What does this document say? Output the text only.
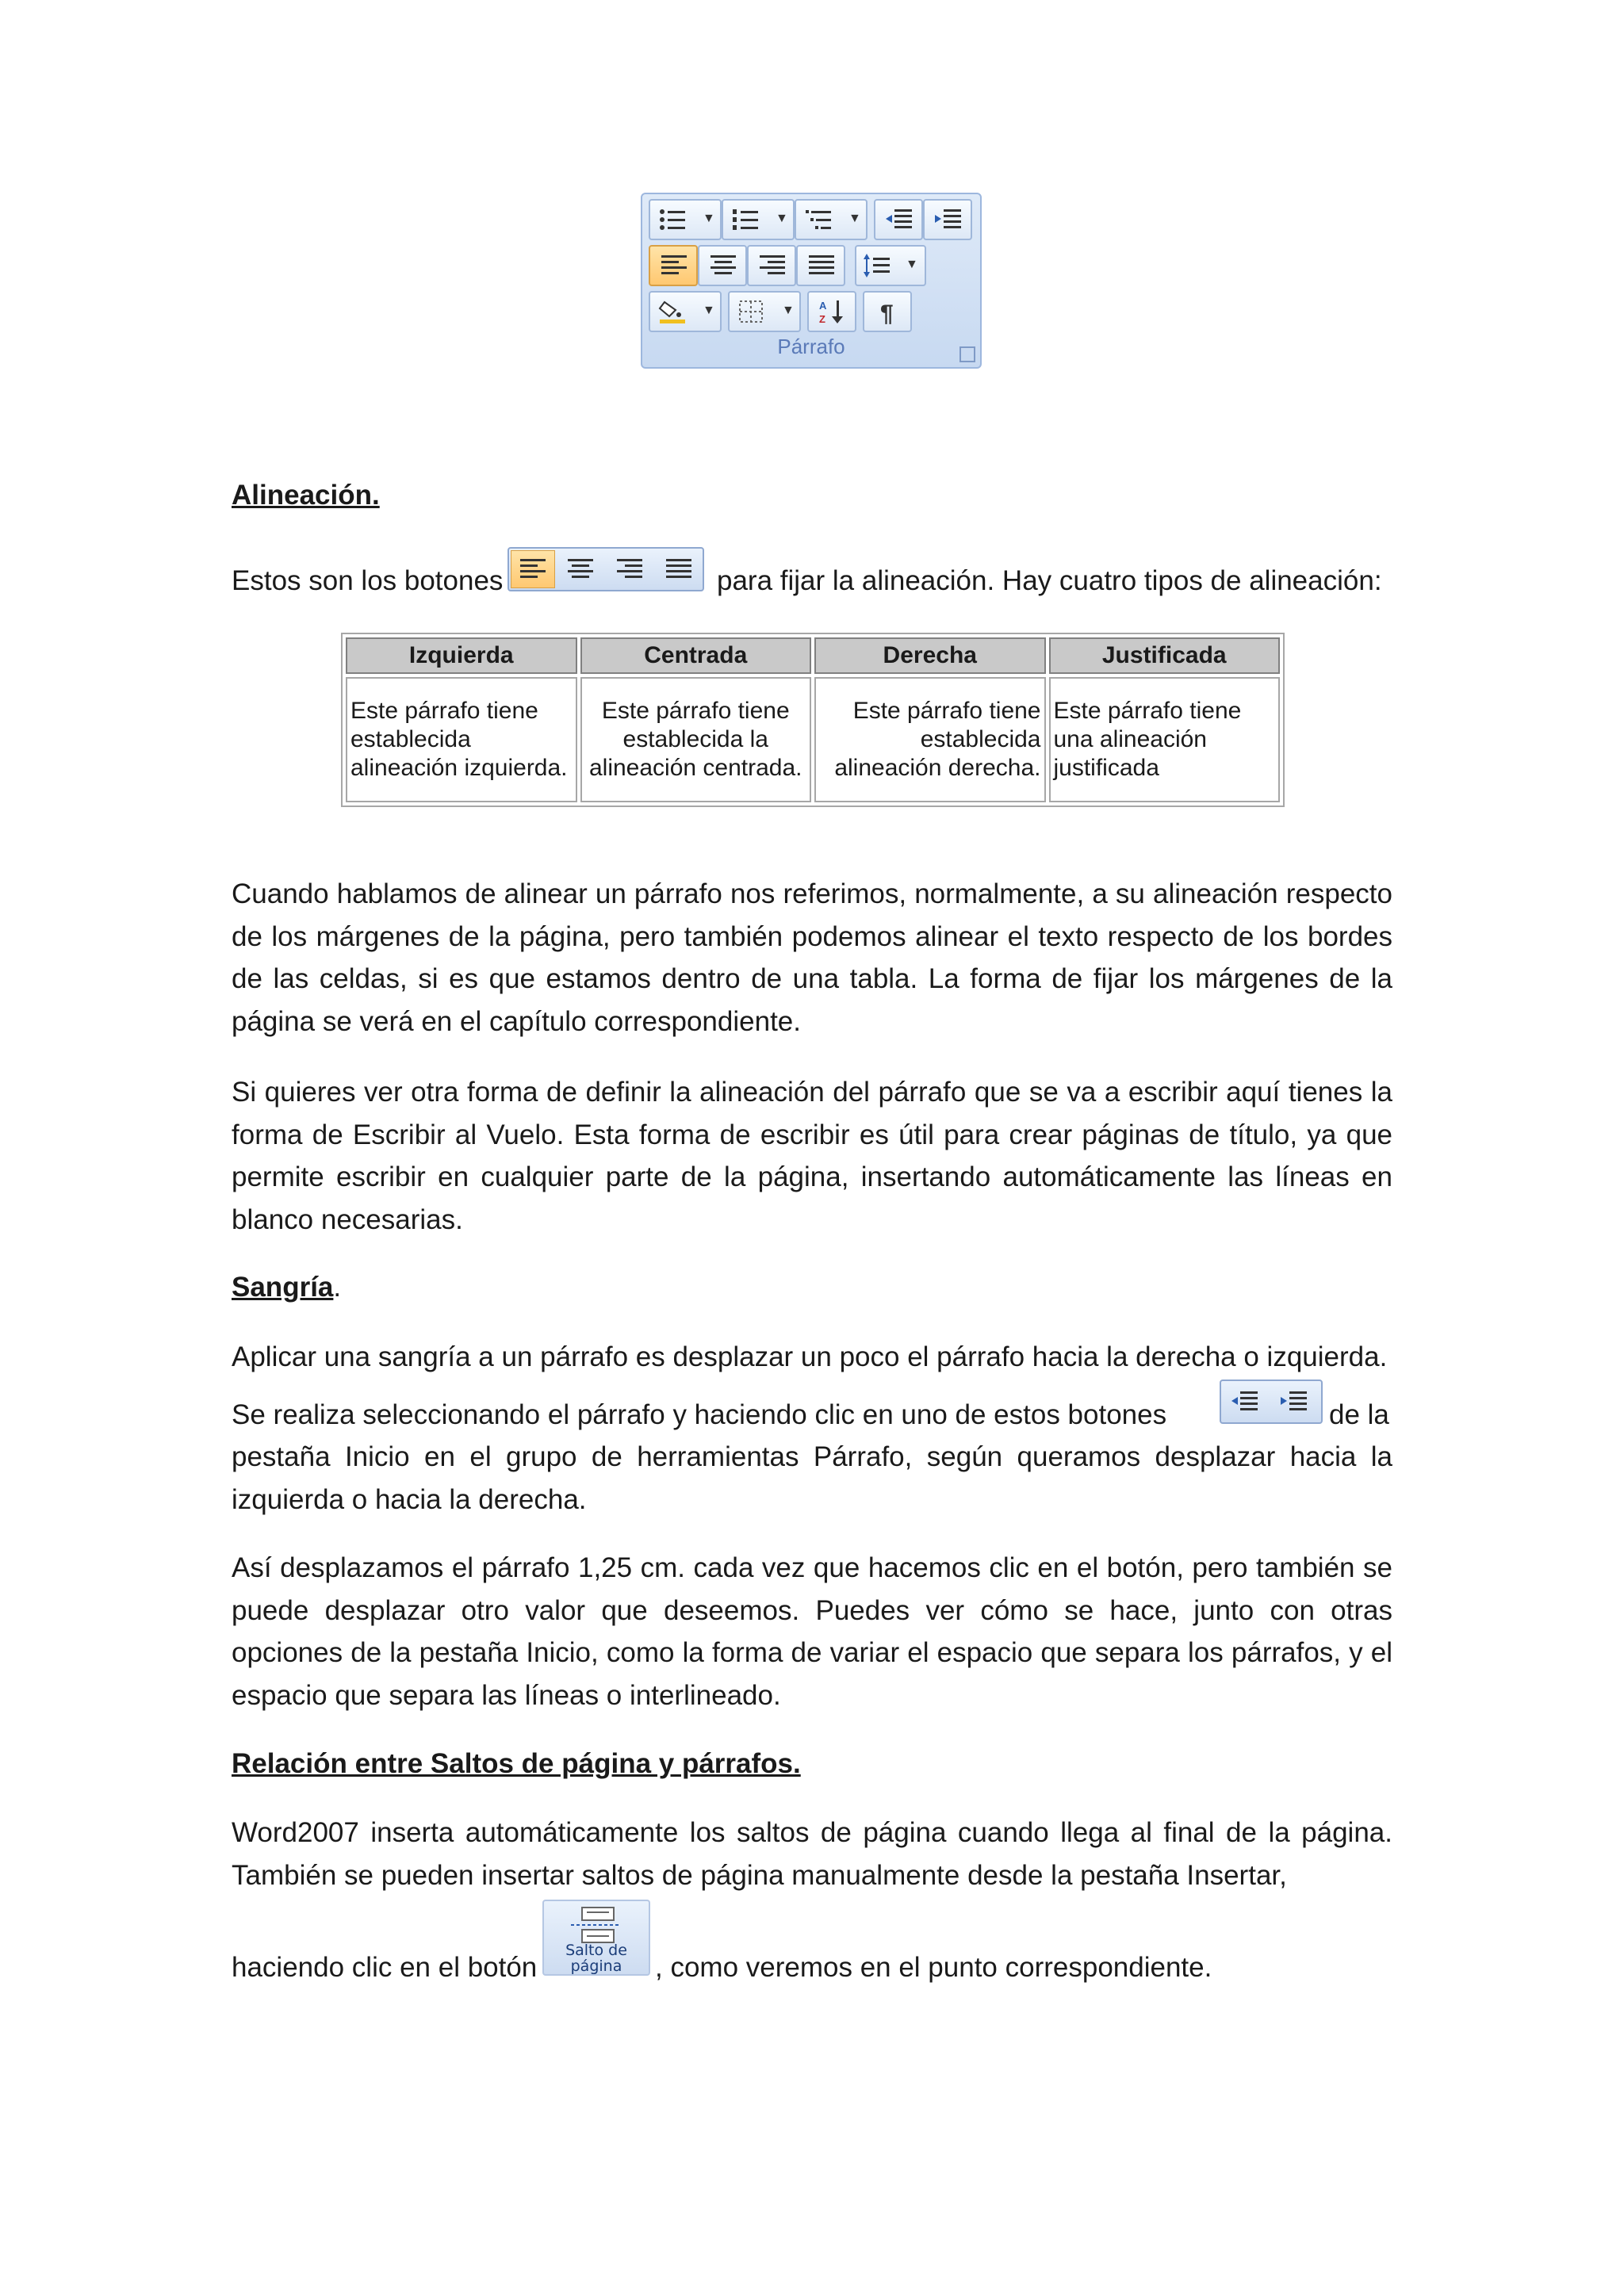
▼	▼	▼
▼
▼	▼ A
Z ¶
Párrafo

Alineación.

Estos son los botones	para fijar la alineación. Hay cuatro tipos de alineación:
Izquierda	Centrada	Derecha	Justificada
Este párrafo tiene establecida alineación izquierda.	Este párrafo tiene establecida la alineación centrada.	Este párrafo tiene establecida alineación derecha.	Este párrafo tiene una alineación justificada

Cuando hablamos de alinear un párrafo nos referimos, normalmente, a su alineación respecto de los márgenes de la página, pero también podemos alinear el texto respecto de los bordes de las celdas, si es que estamos dentro de una tabla. La forma de fijar los márgenes de la página se verá en el capítulo correspondiente.

Si quieres ver otra forma de definir la alineación del párrafo que se va a escribir aquí tienes la forma de Escribir al Vuelo. Esta forma de escribir es útil para crear páginas de título, ya que permite escribir en cualquier parte de la página, insertando automáticamente las líneas en blanco necesarias.

Sangría.

Aplicar una sangría a un párrafo es desplazar un poco el párrafo hacia la derecha o izquierda.

Se realiza seleccionando el párrafo y haciendo clic en uno de estos botones	de la

pestaña Inicio en el grupo de herramientas Párrafo, según queramos desplazar hacia la izquierda o hacia la derecha.

Así desplazamos el párrafo 1,25 cm. cada vez que hacemos clic en el botón, pero también se puede desplazar otro valor que deseemos. Puedes ver cómo se hace, junto con otras opciones de la pestaña Inicio, como la forma de variar el espacio que separa los párrafos, y el espacio que separa las líneas o interlineado.

Relación entre Saltos de página y párrafos.

Word2007 inserta automáticamente los saltos de página cuando llega al final de la página. También se pueden insertar saltos de página manualmente desde la pestaña Insertar,

haciendo clic en el botón
Salto de
página	, como veremos en el punto correspondiente.
